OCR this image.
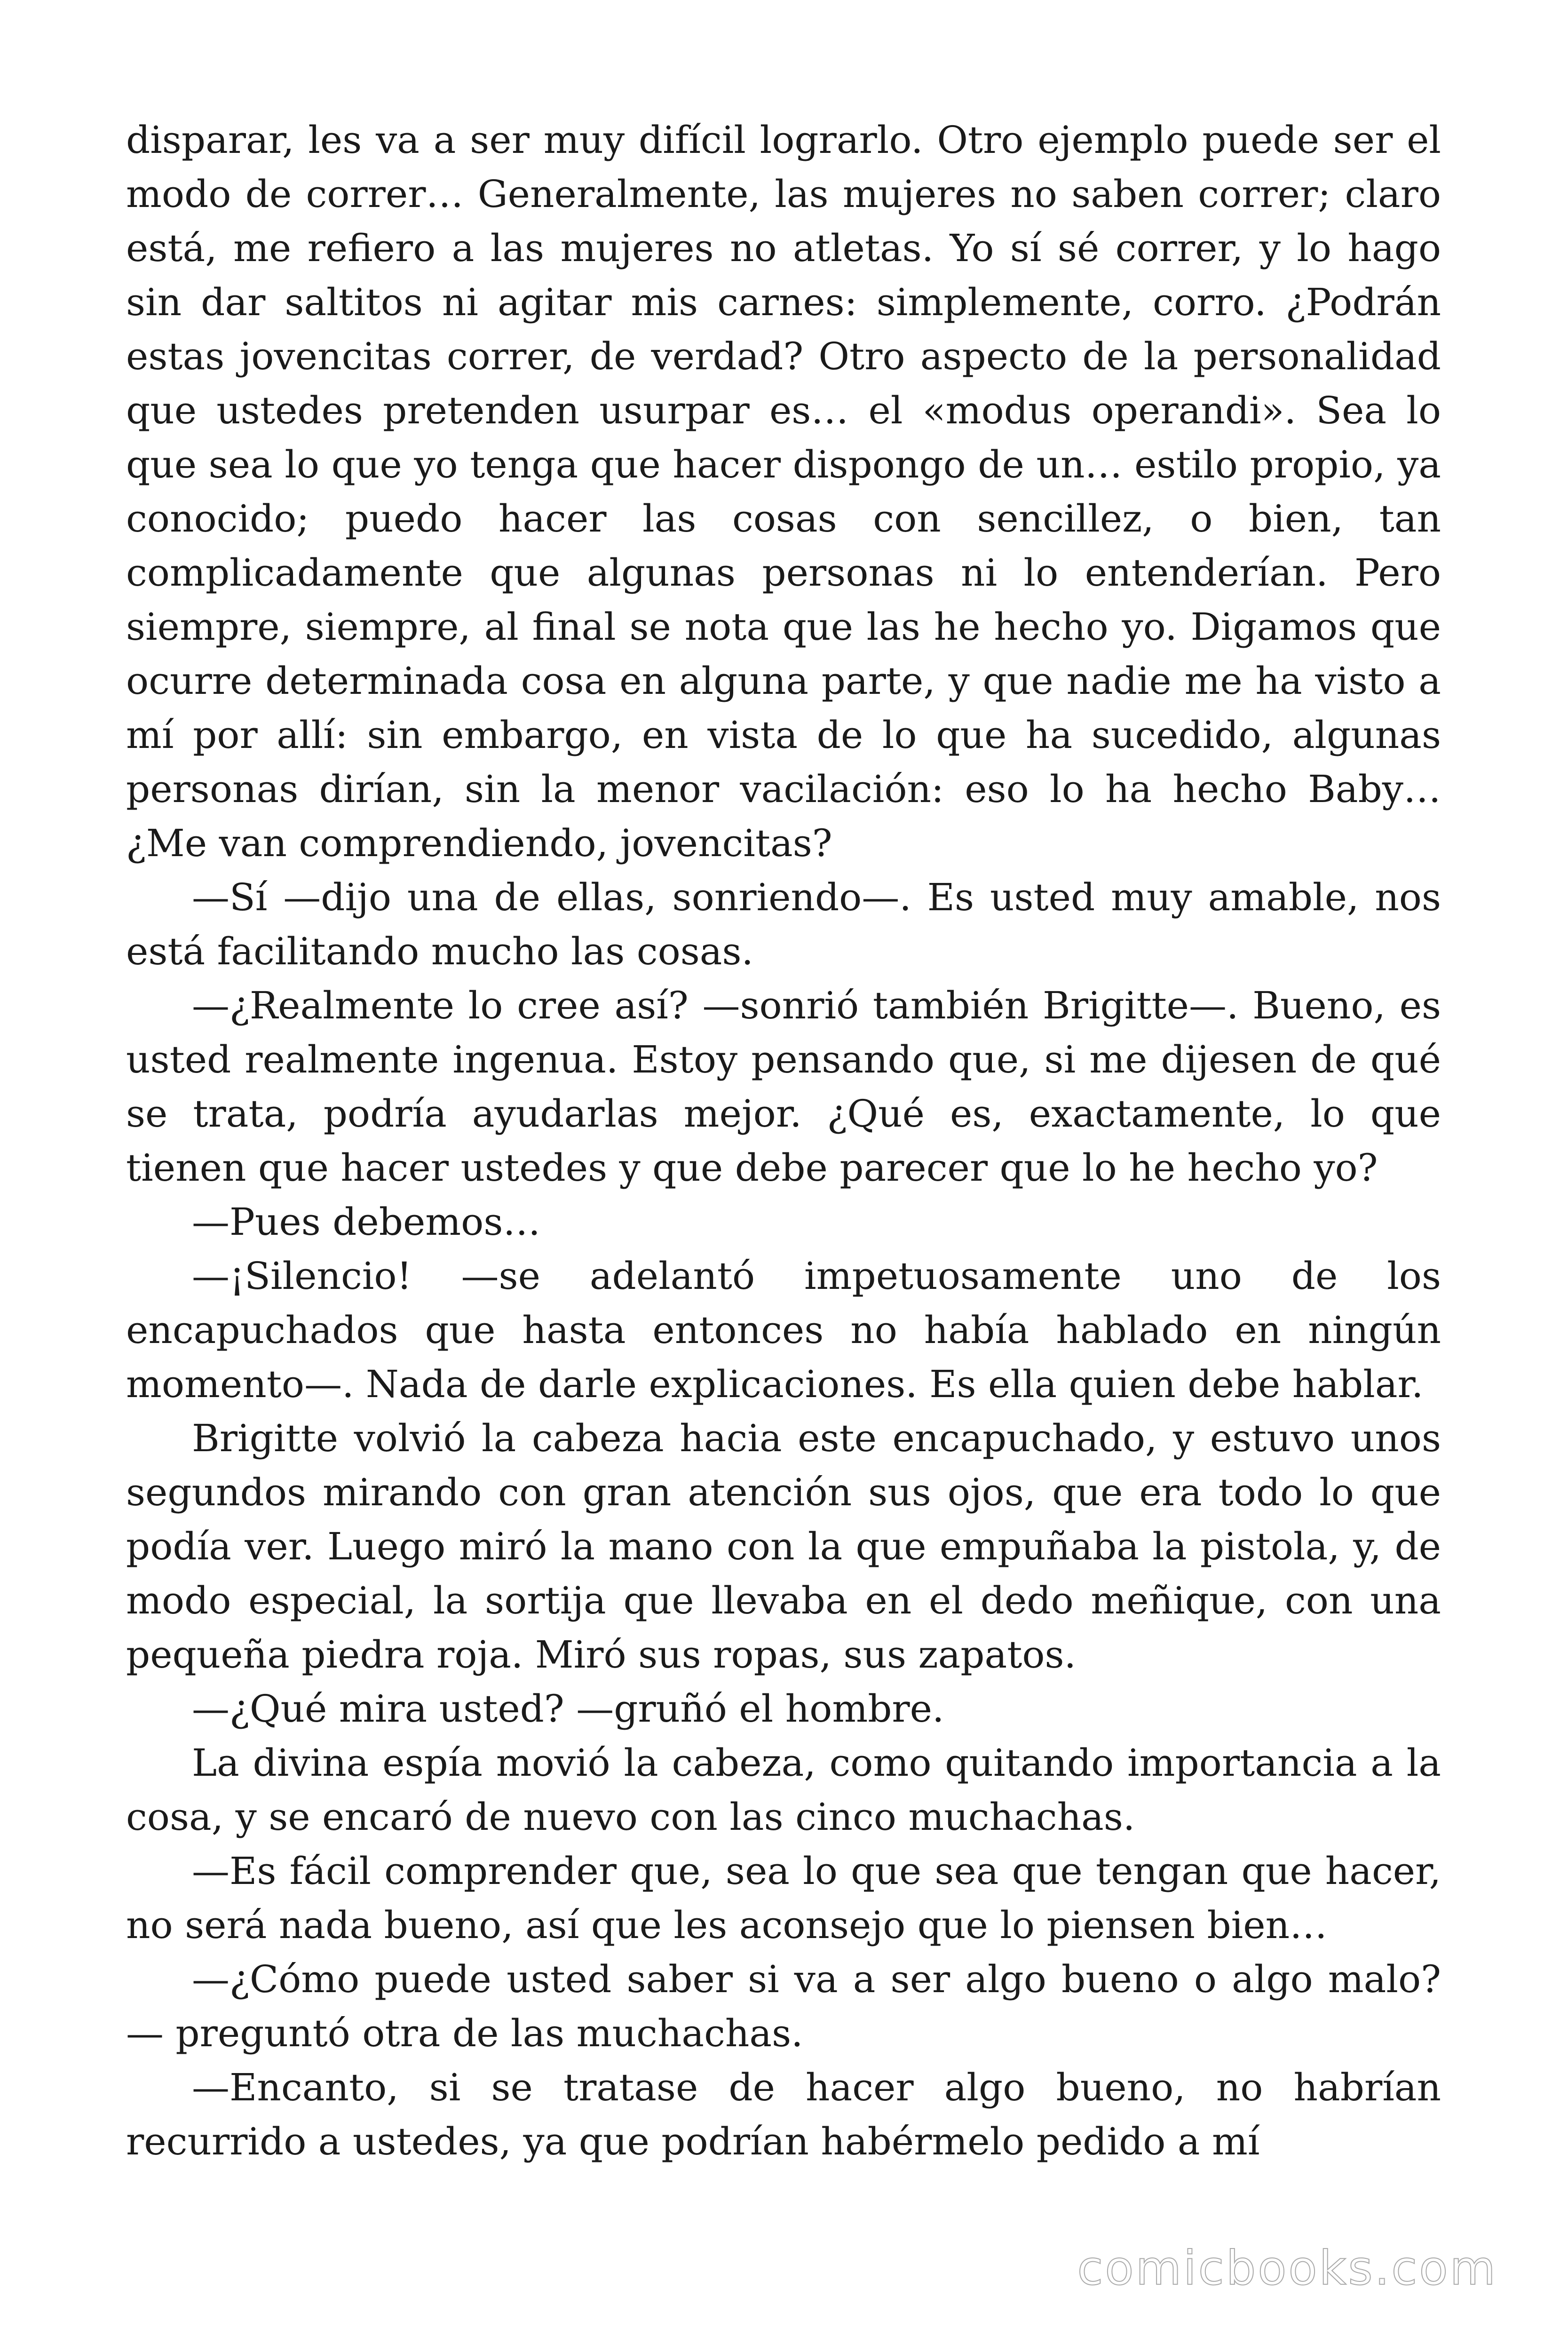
disparar, les va a ser muy difícil lograrlo. Otro ejemplo puede ser el modo de correr… Generalmente, las mujeres no saben correr; claro está, me refiero a las mujeres no atletas. Yo sí sé correr, y lo hago sin dar saltitos ni agitar mis carnes: simplemente, corro. ¿Podrán estas jovencitas correr, de verdad? Otro aspecto de la personalidad que ustedes pretenden usurpar es… el «modus operandi». Sea lo que sea lo que yo tenga que hacer dispongo de un… estilo propio, ya conocido; puedo hacer las cosas con sencillez, o bien, tan complicadamente que algunas personas ni lo entenderían. Pero siempre, siempre, al final se nota que las he hecho yo. Digamos que ocurre determinada cosa en alguna parte, y que nadie me ha visto a mí por allí: sin embargo, en vista de lo que ha sucedido, algunas personas dirían, sin la menor vacilación: eso lo ha hecho Baby… ¿Me van comprendiendo, jovencitas?

—Sí —dijo una de ellas, sonriendo—. Es usted muy amable, nos está facilitando mucho las cosas.

—¿Realmente lo cree así? —sonrió también Brigitte—. Bueno, es usted realmente ingenua. Estoy pensando que, si me dijesen de qué se trata, podría ayudarlas mejor. ¿Qué es, exactamente, lo que tienen que hacer ustedes y que debe parecer que lo he hecho yo?

—Pues debemos…

—¡Silencio! —se adelantó impetuosamente uno de los encapuchados que hasta entonces no había hablado en ningún momento—. Nada de darle explicaciones. Es ella quien debe hablar.

Brigitte volvió la cabeza hacia este encapuchado, y estuvo unos segundos mirando con gran atención sus ojos, que era todo lo que podía ver. Luego miró la mano con la que empuñaba la pistola, y, de modo especial, la sortija que llevaba en el dedo meñique, con una pequeña piedra roja. Miró sus ropas, sus zapatos.

—¿Qué mira usted? —gruñó el hombre.

La divina espía movió la cabeza, como quitando importancia a la cosa, y se encaró de nuevo con las cinco muchachas.

—Es fácil comprender que, sea lo que sea que tengan que hacer, no será nada bueno, así que les aconsejo que lo piensen bien…

—¿Cómo puede usted saber si va a ser algo bueno o algo malo? — preguntó otra de las muchachas.

—Encanto, si se tratase de hacer algo bueno, no habrían recurrido a ustedes, ya que podrían habérmelo pedido a mí

comicbooks.com
